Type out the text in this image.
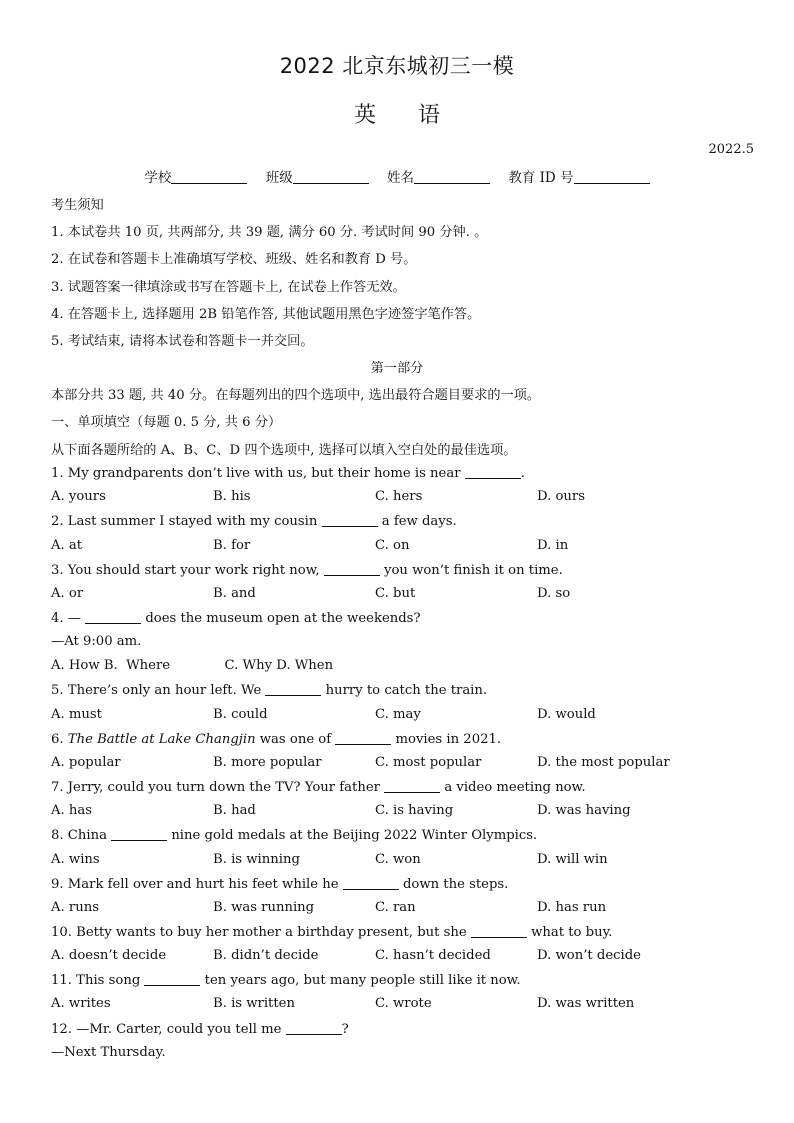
2022 北京东城初三一模
英语
2022.5
学校	班级	姓名	教育 ID 号
考生须知
1. 本试卷共 10 页, 共两部分, 共 39 题, 满分 60 分. 考试时间 90 分钟. 。
2. 在试卷和答题卡上准确填写学校、班级、姓名和教育 D 号。
3. 试题答案一律填涂或书写在答题卡上, 在试卷上作答无效。
4. 在答题卡上, 选择题用 2B 铅笔作答, 其他试题用黑色字迹签字笔作答。
5. 考试结束, 请将本试卷和答题卡一并交回。
第一部分
本部分共 33 题, 共 40 分。在每题列出的四个选项中, 选出最符合题目要求的一项。
一、单项填空（每题 0. 5 分, 共 6 分）
从下面各题所给的 A、B、C、D 四个选项中, 选择可以填入空白处的最佳选项。
1. My grandparents don’t live with us, but their home is near	.
A. yours	B. his	C. hers	D. ours
2. Last summer I stayed with my cousin	a few days.
A. at	B. for	C. on	D. in
3. You should start your work right now,	you won’t finish it on time.
A. or	B. and	C. but	D. so
4. —	does the museum open at the weekends?
—At 9:00 am.
A. How B.  Where             C. Why D. When
5. There’s only an hour left. We	hurry to catch the train.
A. must	B. could	C. may	D. would
6. The Battle at Lake Changjin was one of	movies in 2021.
A. popular	B. more popular	C. most popular	D. the most popular
7. Jerry, could you turn down the TV? Your father	a video meeting now.
A. has	B. had	C. is having	D. was having
8. China	nine gold medals at the Beijing 2022 Winter Olympics.
A. wins	B. is winning	C. won	D. will win
9. Mark fell over and hurt his feet while he	down the steps.
A. runs	B. was running	C. ran	D. has run
10. Betty wants to buy her mother a birthday present, but she	what to buy.
A. doesn’t decide	B. didn’t decide	C. hasn’t decided	D. won’t decide
11. This song	ten years ago, but many people still like it now.
A. writes	B. is written	C. wrote	D. was written
12. —Mr. Carter, could you tell me	?
—Next Thursday.
